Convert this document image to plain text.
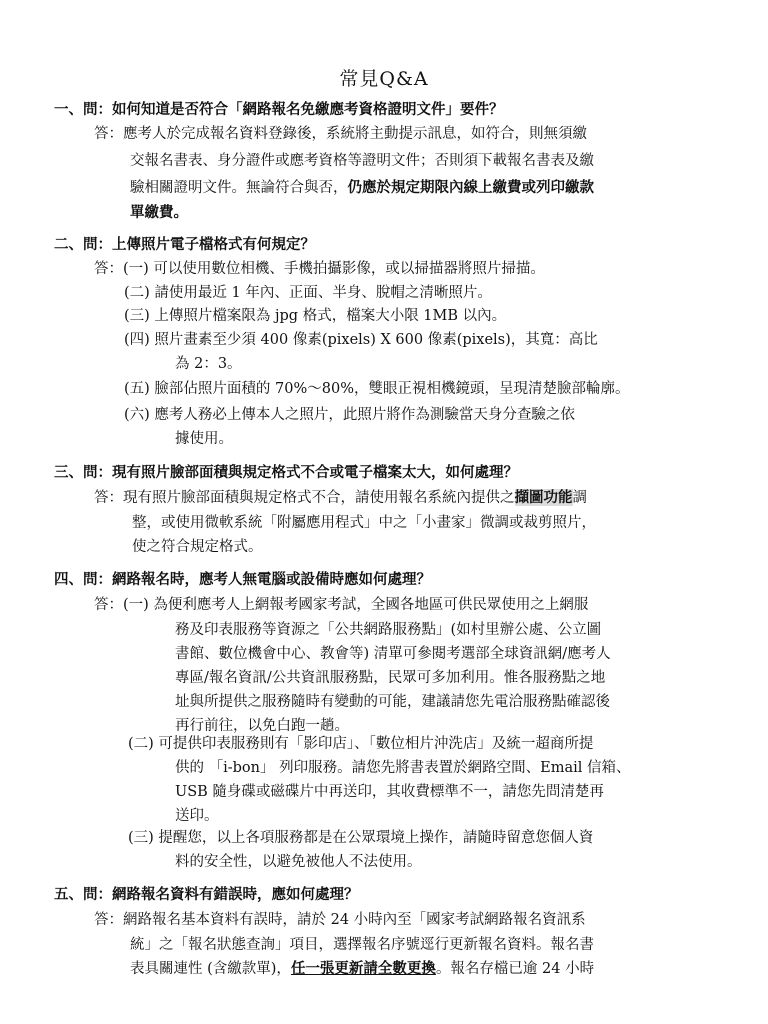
常見Q&A
一、問：如何知道是否符合「網路報名免繳應考資格證明文件」要件？
答：應考人於完成報名資料登錄後，系統將主動提示訊息，如符合，則無須繳
交報名書表、身分證件或應考資格等證明文件；否則須下載報名書表及繳
驗相關證明文件。無論符合與否，仍應於規定期限內線上繳費或列印繳款
單繳費。
二、問：上傳照片電子檔格式有何規定？
答：(一) 可以使用數位相機、手機拍攝影像，或以掃描器將照片掃描。
(二) 請使用最近 1 年內、正面、半身、脫帽之清晰照片。
(三) 上傳照片檔案限為 jpg 格式，檔案大小限 1MB 以內。
(四) 照片畫素至少須 400 像素(pixels) X 600 像素(pixels)，其寬：高比
為 2：3。
(五) 臉部佔照片面積的 70%～80%，雙眼正視相機鏡頭，呈現清楚臉部輪廓。
(六) 應考人務必上傳本人之照片，此照片將作為測驗當天身分查驗之依
據使用。
三、問：現有照片臉部面積與規定格式不合或電子檔案太大，如何處理？
答：現有照片臉部面積與規定格式不合，請使用報名系統內提供之擷圖功能調
整，或使用微軟系統「附屬應用程式」中之「小畫家」微調或裁剪照片，
使之符合規定格式。
四、問：網路報名時，應考人無電腦或設備時應如何處理？
答：(一) 為便利應考人上網報考國家考試，全國各地區可供民眾使用之上網服
務及印表服務等資源之「公共網路服務點」(如村里辦公處、公立圖
書館、數位機會中心、教會等) 清單可參閱考選部全球資訊網/應考人
專區/報名資訊/公共資訊服務點，民眾可多加利用。惟各服務點之地
址與所提供之服務隨時有變動的可能，建議請您先電洽服務點確認後
再行前往，以免白跑一趟。
(二) 可提供印表服務則有「影印店」、「數位相片沖洗店」及統一超商所提
供的 「i-bon」 列印服務。請您先將書表置於網路空間、Email 信箱、
USB 隨身碟或磁碟片中再送印，其收費標準不一，請您先問清楚再
送印。
(三) 提醒您，以上各項服務都是在公眾環境上操作，請隨時留意您個人資
料的安全性，以避免被他人不法使用。
五、問：網路報名資料有錯誤時，應如何處理？
答：網路報名基本資料有誤時，請於 24 小時內至「國家考試網路報名資訊系
統」之「報名狀態查詢」項目，選擇報名序號逕行更新報名資料。報名書
表具關連性 (含繳款單)，任一張更新請全數更換。報名存檔已逾 24 小時
